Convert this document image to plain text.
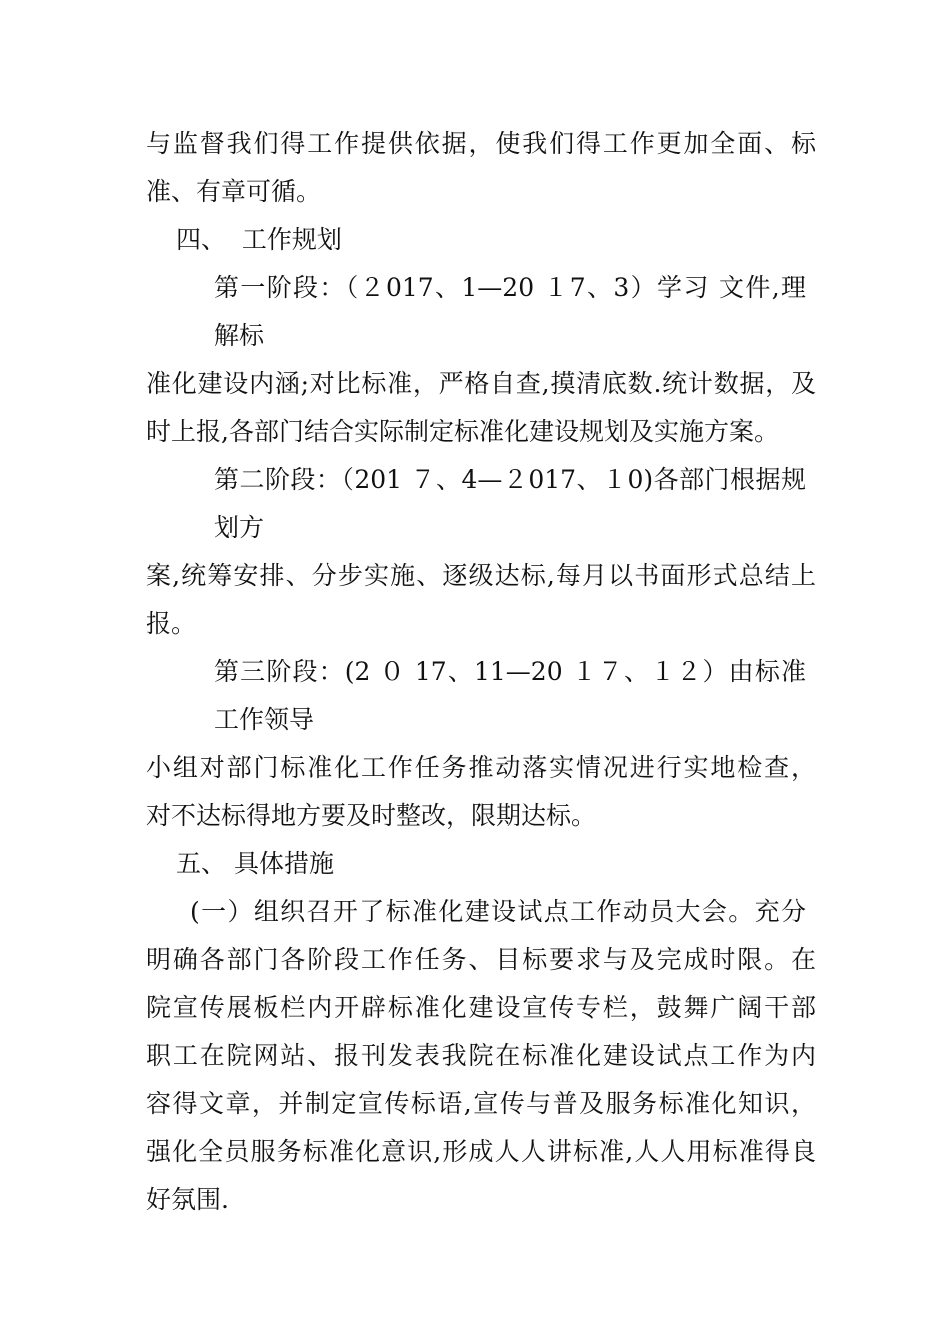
与监督我们得工作提供依据，使我们得工作更加全面、标
准、有章可循。
四、  工作规划
第一阶段：（２017、1—20 １7、3）学习 文件,理
解标
准化建设内涵;对比标准，严格自查,摸清底数.统计数据，及
时上报,各部门结合实际制定标准化建设规划及实施方案。
第二阶段：（201 ７、4—２017、１0)各部门根据规
划方
案,统筹安排、分步实施、逐级达标,每月以书面形式总结上
报。
第三阶段：(2 ０ 17、11—20 １７、１２）由标准
工作领导
小组对部门标准化工作任务推动落实情况进行实地检查，
对不达标得地方要及时整改，限期达标。
五、 具体措施
(一）组织召开了标准化建设试点工作动员大会。充分
明确各部门各阶段工作任务、目标要求与及完成时限。在
院宣传展板栏内开辟标准化建设宣传专栏，鼓舞广阔干部
职工在院网站、报刊发表我院在标准化建设试点工作为内
容得文章，并制定宣传标语,宣传与普及服务标准化知识，
强化全员服务标准化意识,形成人人讲标准,人人用标准得良
好氛围.
